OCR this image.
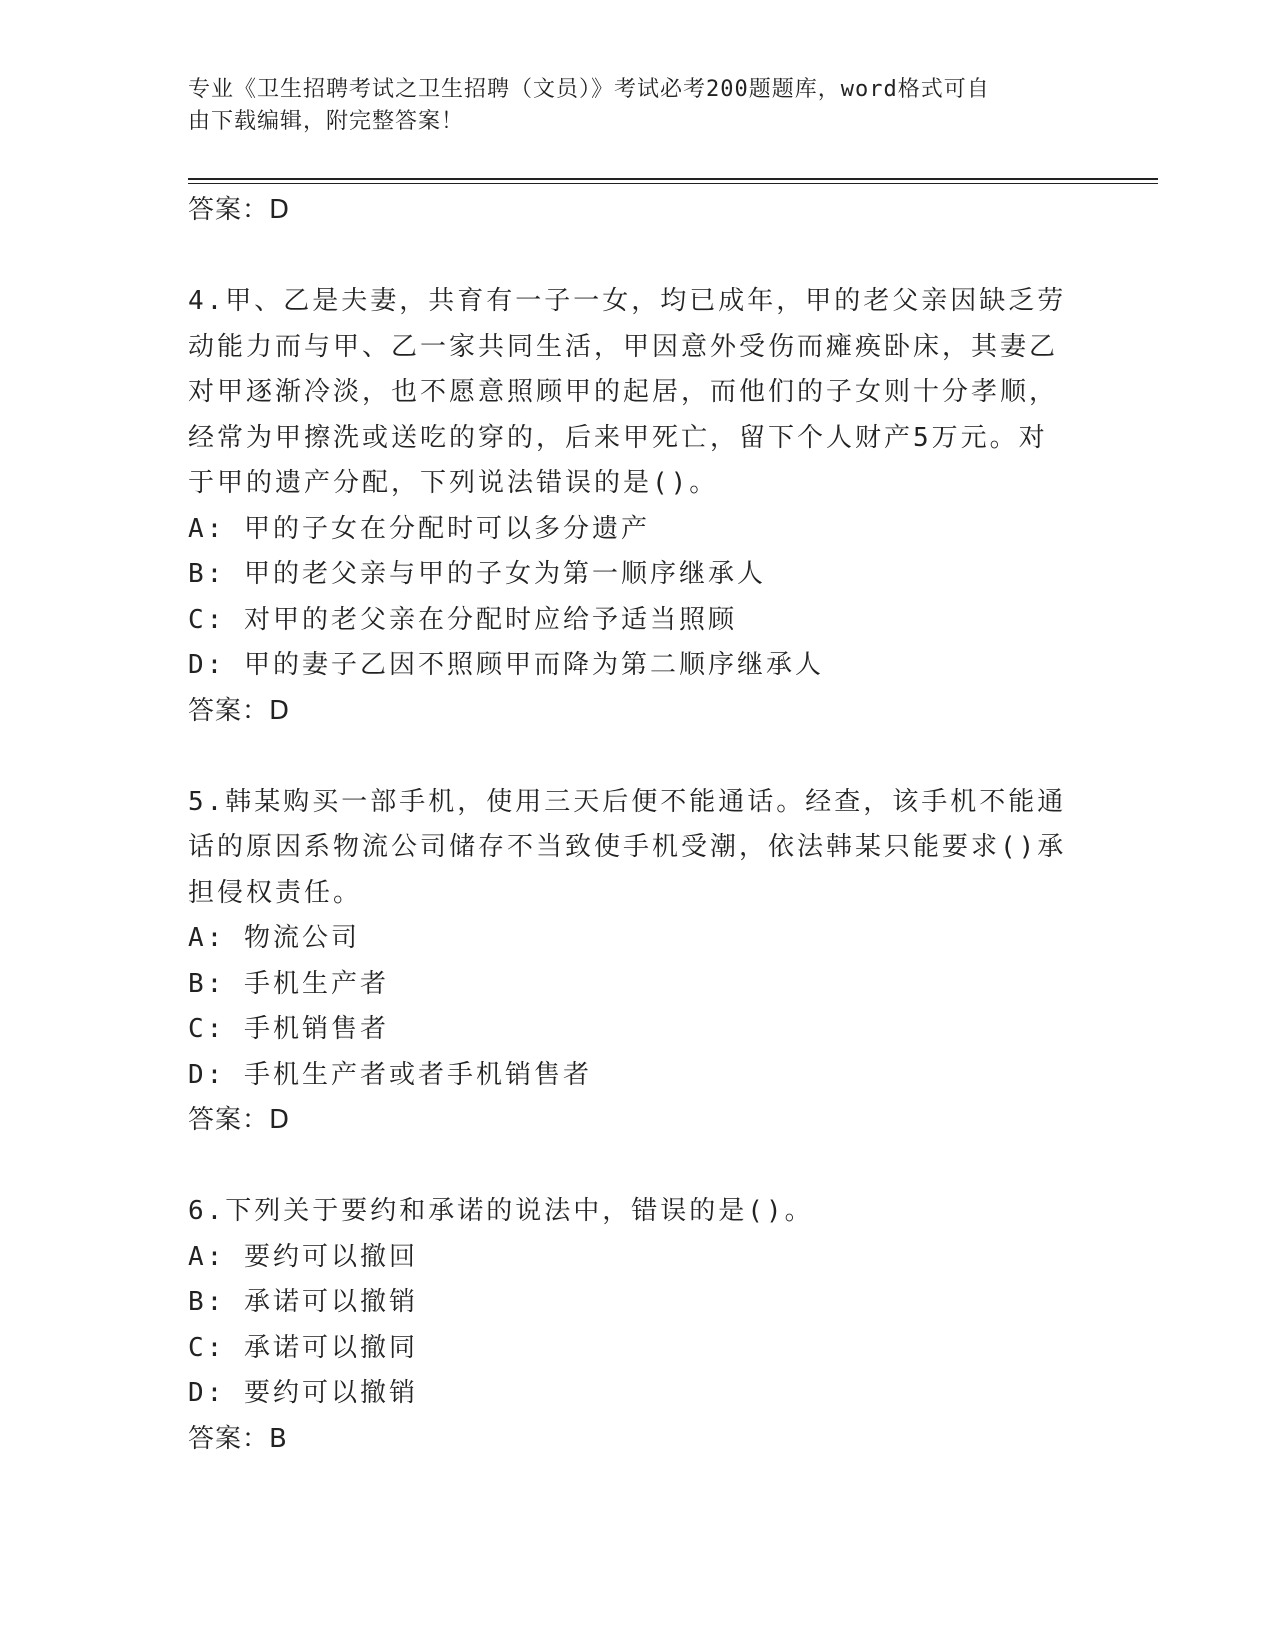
专业《卫生招聘考试之卫生招聘（文员）》考试必考200题题库，word格式可自
由下载编辑，附完整答案！
答案：D
4.甲、乙是夫妻，共育有一子一女，均已成年，甲的老父亲因缺乏劳
动能力而与甲、乙一家共同生活，甲因意外受伤而瘫痪卧床，其妻乙
对甲逐渐冷淡，也不愿意照顾甲的起居，而他们的子女则十分孝顺，
经常为甲擦洗或送吃的穿的，后来甲死亡，留下个人财产5万元。对
于甲的遗产分配，下列说法错误的是()。
A: 甲的子女在分配时可以多分遗产
B: 甲的老父亲与甲的子女为第一顺序继承人
C: 对甲的老父亲在分配时应给予适当照顾
D: 甲的妻子乙因不照顾甲而降为第二顺序继承人
答案：D
5.韩某购买一部手机，使用三天后便不能通话。经查，该手机不能通
话的原因系物流公司储存不当致使手机受潮，依法韩某只能要求()承
担侵权责任。
A: 物流公司
B: 手机生产者
C: 手机销售者
D: 手机生产者或者手机销售者
答案：D
6.下列关于要约和承诺的说法中，错误的是()。
A: 要约可以撤回
B: 承诺可以撤销
C: 承诺可以撤同
D: 要约可以撤销
答案：B
